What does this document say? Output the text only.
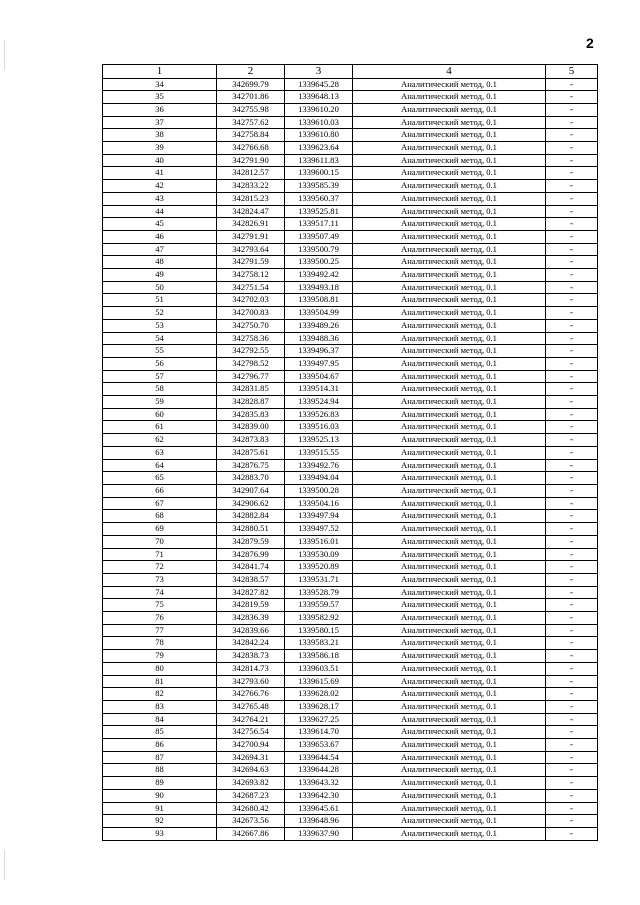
2
1	2	3	4	5
34	342699.79	1339645.28	Аналитический метод, 0.1	-
35	342701.86	1339648.13	Аналитический метод, 0.1	-
36	342755.98	1339610.20	Аналитический метод, 0.1	-
37	342757.62	1339610.03	Аналитический метод, 0.1	-
38	342758.84	1339610.80	Аналитический метод, 0.1	-
39	342766.68	1339623.64	Аналитический метод, 0.1	-
40	342791.90	1339611.83	Аналитический метод, 0.1	-
41	342812.57	1339600.15	Аналитический метод, 0.1	-
42	342833.22	1339585.39	Аналитический метод, 0.1	-
43	342815.23	1339560.37	Аналитический метод, 0.1	-
44	342824.47	1339525.81	Аналитический метод, 0.1	-
45	342826.91	1339517.11	Аналитический метод, 0.1	-
46	342791.91	1339507.49	Аналитический метод, 0.1	-
47	342793.64	1339500.79	Аналитический метод, 0.1	-
48	342791.59	1339500.25	Аналитический метод, 0.1	-
49	342758.12	1339492.42	Аналитический метод, 0.1	-
50	342751.54	1339493.18	Аналитический метод, 0.1	-
51	342702.03	1339508.81	Аналитический метод, 0.1	-
52	342700.83	1339504.99	Аналитический метод, 0.1	-
53	342750.70	1339489.26	Аналитический метод, 0.1	-
54	342758.36	1339488.36	Аналитический метод, 0.1	-
55	342792.55	1339496.37	Аналитический метод, 0.1	-
56	342798.52	1339497.95	Аналитический метод, 0.1	-
57	342796.77	1339504.67	Аналитический метод, 0.1	-
58	342831.85	1339514.31	Аналитический метод, 0.1	-
59	342828.87	1339524.94	Аналитический метод, 0.1	-
60	342835.83	1339526.83	Аналитический метод, 0.1	-
61	342839.00	1339516.03	Аналитический метод, 0.1	-
62	342873.83	1339525.13	Аналитический метод, 0.1	-
63	342875.61	1339515.55	Аналитический метод, 0.1	-
64	342876.75	1339492.76	Аналитический метод, 0.1	-
65	342883.70	1339494.04	Аналитический метод, 0.1	-
66	342907.64	1339500.28	Аналитический метод, 0.1	-
67	342906.62	1339504.16	Аналитический метод, 0.1	-
68	342882.84	1339497.94	Аналитический метод, 0.1	-
69	342880.51	1339497.52	Аналитический метод, 0.1	-
70	342879.59	1339516.01	Аналитический метод, 0.1	-
71	342876.99	1339530.09	Аналитический метод, 0.1	-
72	342841.74	1339520.89	Аналитический метод, 0.1	-
73	342838.57	1339531.71	Аналитический метод, 0.1	-
74	342827.82	1339528.79	Аналитический метод, 0.1	-
75	342819.59	1339559.57	Аналитический метод, 0.1	-
76	342836.39	1339582.92	Аналитический метод, 0.1	-
77	342839.66	1339580.15	Аналитический метод, 0.1	-
78	342842.24	1339583.21	Аналитический метод, 0.1	-
79	342838.73	1339586.18	Аналитический метод, 0.1	-
80	342814.73	1339603.51	Аналитический метод, 0.1	-
81	342793.60	1339615.69	Аналитический метод, 0.1	-
82	342766.76	1339628.02	Аналитический метод, 0.1	-
83	342765.48	1339628.17	Аналитический метод, 0.1	-
84	342764.21	1339627.25	Аналитический метод, 0.1	-
85	342756.54	1339614.70	Аналитический метод, 0.1	-
86	342700.94	1339653.67	Аналитический метод, 0.1	-
87	342694.31	1339644.54	Аналитический метод, 0.1	-
88	342694.63	1339644.28	Аналитический метод, 0.1	-
89	342693.82	1339643.32	Аналитический метод, 0.1	-
90	342687.23	1339642.30	Аналитический метод, 0.1	-
91	342680.42	1339645.61	Аналитический метод, 0.1	-
92	342673.56	1339648.96	Аналитический метод, 0.1	-
93	342667.86	1339637.90	Аналитический метод, 0.1	-
